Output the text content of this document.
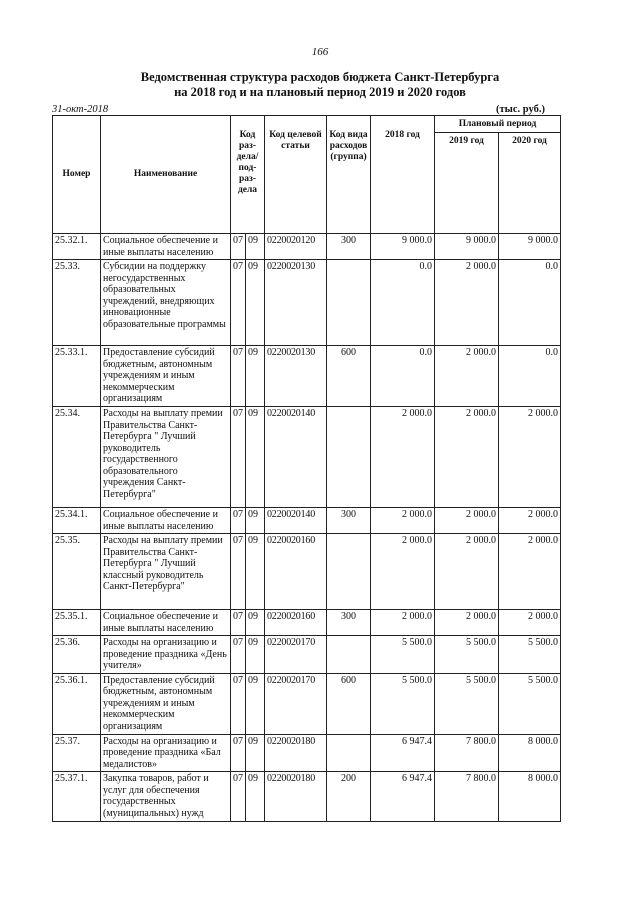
166
Ведомственная структура расходов бюджета Санкт-Петербурга
на 2018 год и на плановый период 2019 и 2020 годов
31-окт-2018	(тыс. руб.)
Номер	Наименование	Код раз- дела/ под- раз- дела		Код целевой статьи	Код вида расходов (группа)	2018 год	Плановый период	
							2019 год	2020 год
25.32.1.	Социальное обеспечение и иные выплаты населению	07	09	0220020120	300	9 000.0	9 000.0	9 000.0
25.33.	Субсидии на поддержку негосударственных образовательных учреждений, внедряющих инновационные образовательные программы	07	09	0220020130		0.0	2 000.0	0.0
25.33.1.	Предоставление субсидий бюджетным, автономным учреждениям и иным некоммерческим организациям	07	09	0220020130	600	0.0	2 000.0	0.0
25.34.	Расходы на выплату премии Правительства Санкт-Петербурга " Лучший руководитель государственного образовательного учреждения Санкт-Петербурга"	07	09	0220020140		2 000.0	2 000.0	2 000.0
25.34.1.	Социальное обеспечение и иные выплаты населению	07	09	0220020140	300	2 000.0	2 000.0	2 000.0
25.35.	Расходы на выплату премии Правительства Санкт-Петербурга " Лучший классный руководитель Санкт-Петербурга"	07	09	0220020160		2 000.0	2 000.0	2 000.0
25.35.1.	Социальное обеспечение и иные выплаты населению	07	09	0220020160	300	2 000.0	2 000.0	2 000.0
25.36.	Расходы на организацию и проведение праздника «День учителя»	07	09	0220020170		5 500.0	5 500.0	5 500.0
25.36.1.	Предоставление субсидий бюджетным, автономным учреждениям и иным некоммерческим организациям	07	09	0220020170	600	5 500.0	5 500.0	5 500.0
25.37.	Расходы на организацию и проведение праздника «Бал медалистов»	07	09	0220020180		6 947.4	7 800.0	8 000.0
25.37.1.	Закупка товаров, работ и услуг для обеспечения государственных (муниципальных) нужд	07	09	0220020180	200	6 947.4	7 800.0	8 000.0
